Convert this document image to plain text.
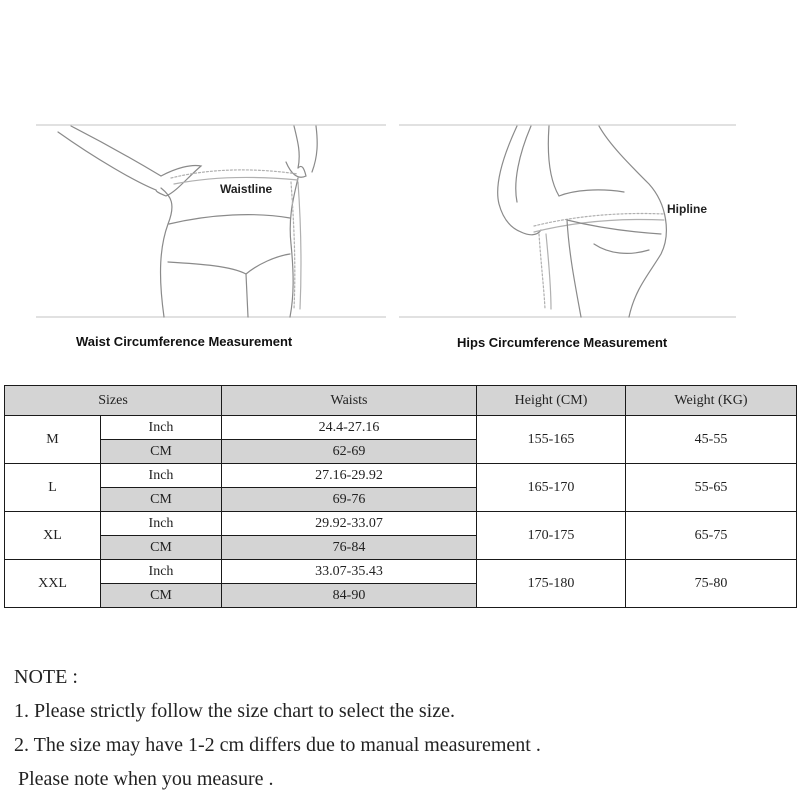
Waistline
Hipline
Waist Circumference Measurement	Hips Circumference Measurement
Sizes		Waists	Height (CM)	Weight (KG)
M	Inch	24.4-27.16	155-165	45-55
	CM	62-69		
L	Inch	27.16-29.92	165-170	55-65
	CM	69-76		
XL	Inch	29.92-33.07	170-175	65-75
	CM	76-84		
XXL	Inch	33.07-35.43	175-180	75-80
	CM	84-90		
NOTE :
1. Please strictly follow the size chart to select the size.
2. The size may have 1-2 cm differs due to manual measurement .
Please note when you measure .
